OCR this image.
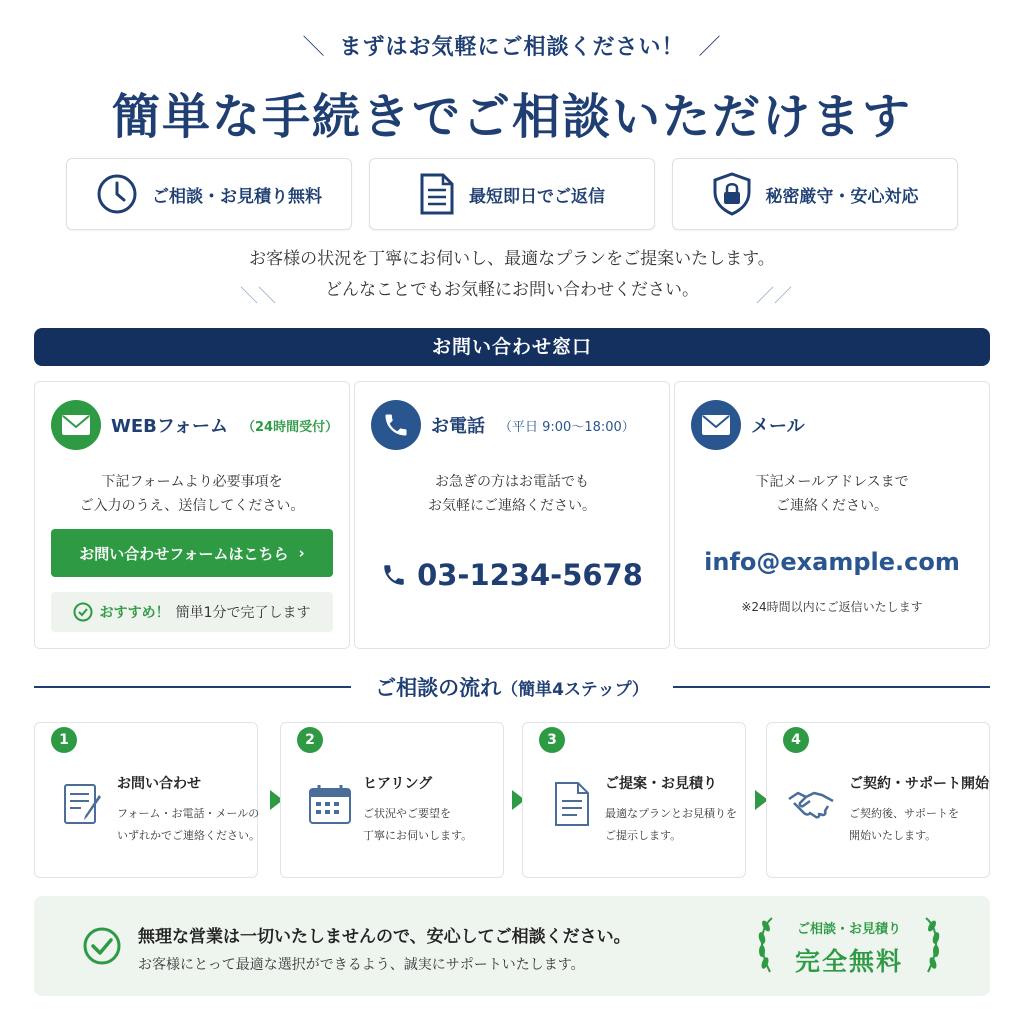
＼ まずはお気軽にご相談ください！ ／
簡単な手続きでご相談いただけます
ご相談・お見積り無料	最短即日でご返信	秘密厳守・安心対応
お客様の状況を丁寧にお伺いし、最適なプランをご提案いたします。
どんなことでもお気軽にお問い合わせください。
＼＼	／／
お問い合わせ窓口
WEBフォーム （24時間受付）
下記フォームより必要事項を
ご入力のうえ、送信してください。
お問い合わせフォームはこちら ›
おすすめ！ 簡単1分で完了します
お電話 （平日 9:00〜18:00）
お急ぎの方はお電話でも
お気軽にご連絡ください。
03-1234-5678
メール
下記メールアドレスまで
ご連絡ください。
info@example.com
※24時間以内にご返信いたします
ご相談の流れ（簡単4ステップ）
1
お問い合わせ
フォーム・お電話・メールの
いずれかでご連絡ください。
2
ヒアリング
ご状況やご要望を
丁寧にお伺いします。
3
ご提案・お見積り
最適なプランとお見積りを
ご提示します。
4
ご契約・サポート開始
ご契約後、サポートを
開始いたします。
無理な営業は一切いたしませんので、安心してご相談ください。
お客様にとって最適な選択ができるよう、誠実にサポートいたします。
ご相談・お見積り
完全無料
